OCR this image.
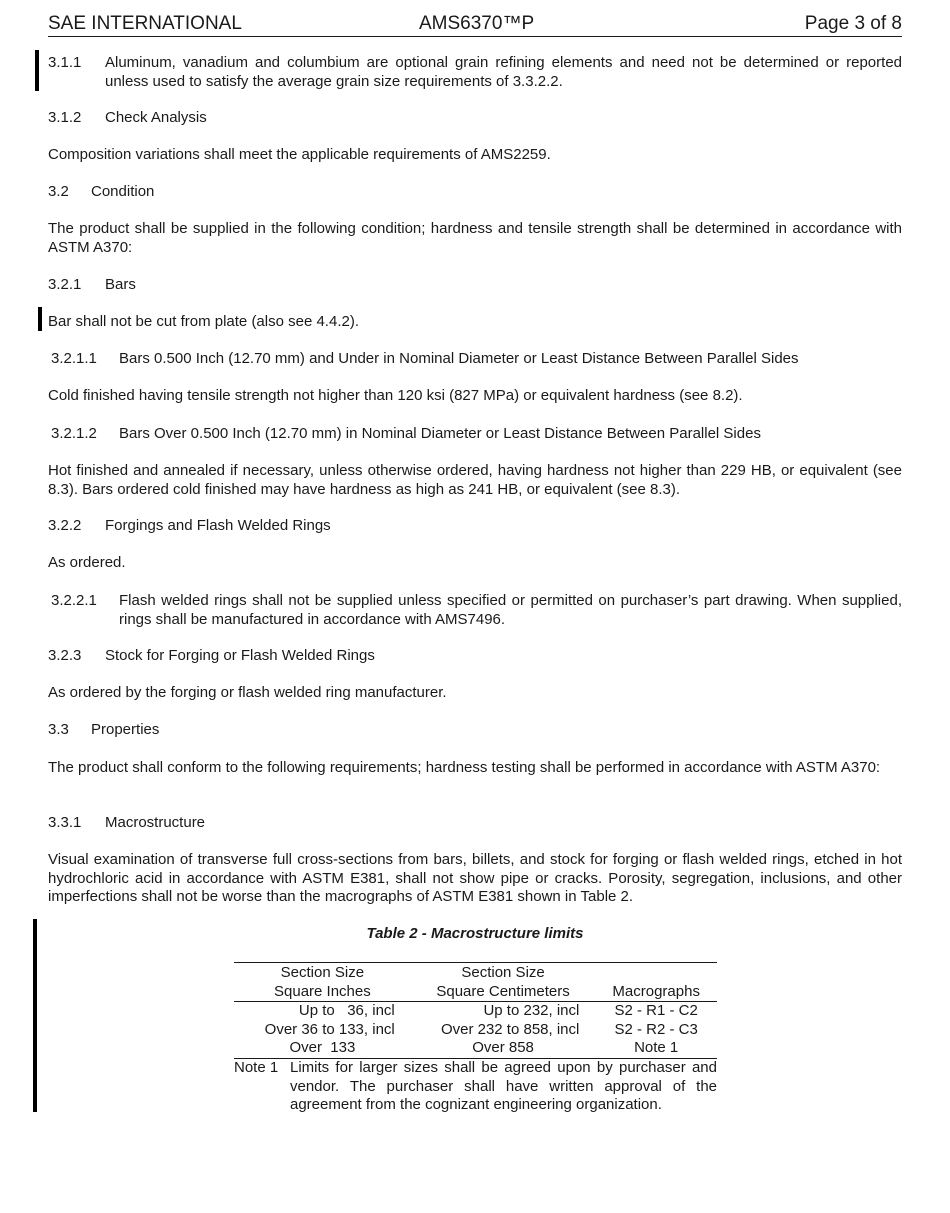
SAE INTERNATIONAL	AMS6370™P	Page 3 of 8
3.1.1 Aluminum, vanadium and columbium are optional grain refining elements and need not be determined or reported unless used to satisfy the average grain size requirements of 3.3.2.2.
3.1.2 Check Analysis
Composition variations shall meet the applicable requirements of AMS2259.
3.2 Condition
The product shall be supplied in the following condition; hardness and tensile strength shall be determined in accordance with ASTM A370:
3.2.1 Bars
Bar shall not be cut from plate (also see 4.4.2).
3.2.1.1 Bars 0.500 Inch (12.70 mm) and Under in Nominal Diameter or Least Distance Between Parallel Sides
Cold finished having tensile strength not higher than 120 ksi (827 MPa) or equivalent hardness (see 8.2).
3.2.1.2 Bars Over 0.500 Inch (12.70 mm) in Nominal Diameter or Least Distance Between Parallel Sides
Hot finished and annealed if necessary, unless otherwise ordered, having hardness not higher than 229 HB, or equivalent (see 8.3). Bars ordered cold finished may have hardness as high as 241 HB, or equivalent (see 8.3).
3.2.2 Forgings and Flash Welded Rings
As ordered.
3.2.2.1 Flash welded rings shall not be supplied unless specified or permitted on purchaser’s part drawing. When supplied, rings shall be manufactured in accordance with AMS7496.
3.2.3 Stock for Forging or Flash Welded Rings
As ordered by the forging or flash welded ring manufacturer.
3.3 Properties
The product shall conform to the following requirements; hardness testing shall be performed in accordance with ASTM A370:
3.3.1 Macrostructure
Visual examination of transverse full cross-sections from bars, billets, and stock for forging or flash welded rings, etched in hot hydrochloric acid in accordance with ASTM E381, shall not show pipe or cracks. Porosity, segregation, inclusions, and other imperfections shall not be worse than the macrographs of ASTM E381 shown in Table 2.
Table 2 - Macrostructure limits
Section Size	Section Size	
Square Inches	Square Centimeters	Macrographs
Up to   36, incl	Up to 232, incl	S2 - R1 - C2
Over 36 to 133, incl	Over 232 to 858, incl	S2 - R2 - C3
Over  133	Over 858	Note 1
Note 1 Limits for larger sizes shall be agreed upon by purchaser and vendor. The purchaser shall have written approval of the agreement from the cognizant engineering organization.
